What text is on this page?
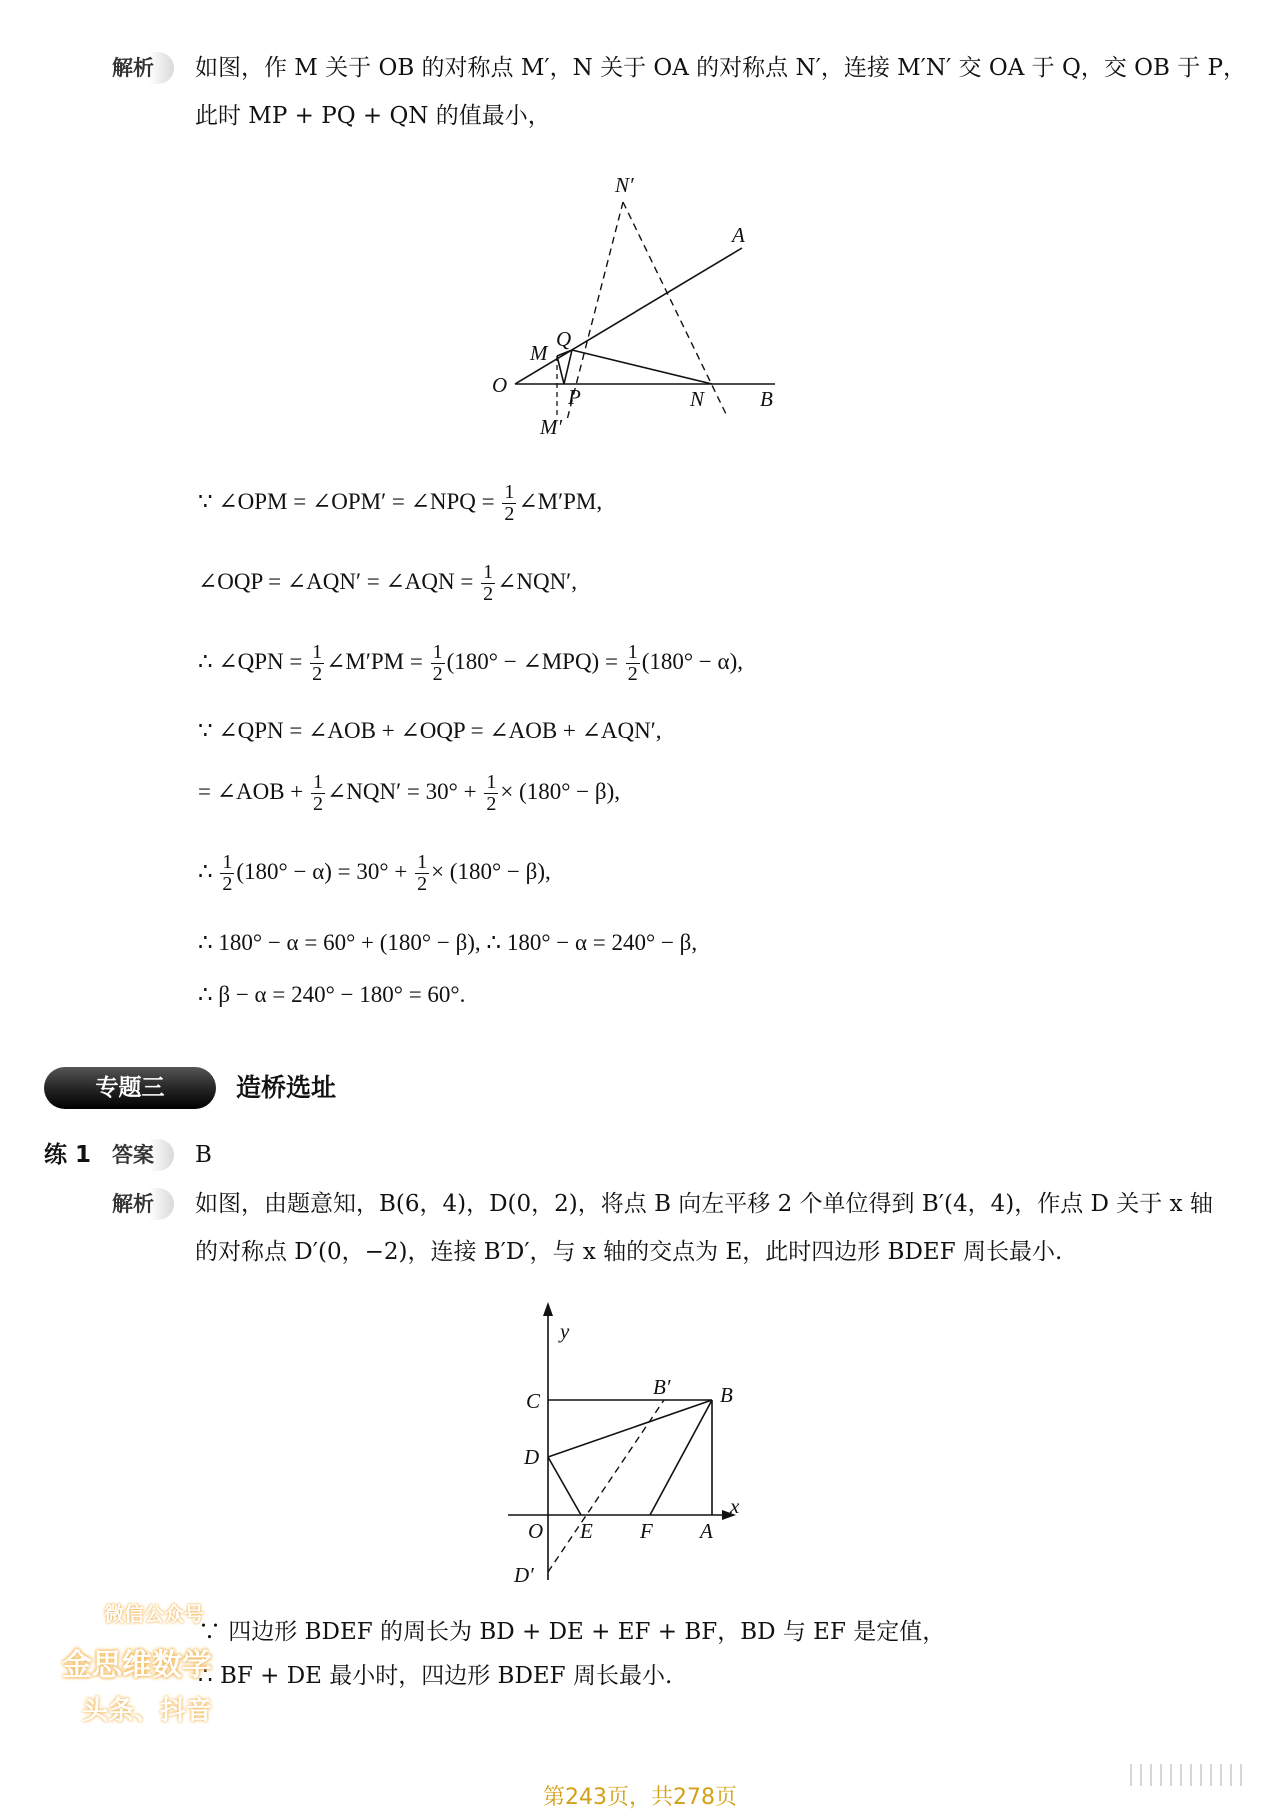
解析	如图，作 M 关于 OB 的对称点 M′，N 关于 OA 的对称点 N′，连接 M′N′ 交 OA 于 Q，交 OB 于 P，
此时 MP + PQ + QN 的值最小，
N′
A
Q
M
O	P	N	B
M′
∵ ∠OPM = ∠OPM′ = ∠NPQ = $\frac{1}{2}$ ∠M′PM,
∠OQP = ∠AQN′ = ∠AQN = $\frac{1}{2}$ ∠NQN′,
∴ ∠QPN = $\frac{1}{2}$ ∠M′PM = $\frac{1}{2} (180^\circ$ − ∠MPQ) = $\frac{1}{2} (180^\circ - \alpha)$,
∵ ∠QPN = ∠AOB + ∠OQP = ∠AOB + ∠AQN′,
= ∠AOB + $\frac{1}{2}$ ∠NQN′ = $30^\circ + \frac{1}{2} \times (180^\circ - \beta)$,
∴ $\frac{1}{2} (180^\circ - \alpha) = 30^\circ + \frac{1}{2} \times (180^\circ - \beta)$,
∴ 180° − α = 60° + (180° − β), ∴ 180° − α = 240° − β,
∴ β − α = 240° − 180° = 60°.
专题三	造桥选址
练 1 答案	B
解析	如图，由题意知，B(6，4)，D(0，2)，将点 B 向左平移 2 个单位得到 B′(4，4)，作点 D 关于 x 轴
的对称点 D′(0，−2)，连接 B′D′，与 x 轴的交点为 E，此时四边形 BDEF 周长最小.
y
x
C
B′ B
D
O E F A
D′
∵ 四边形 BDEF 的周长为 BD + DE + EF + BF，BD 与 EF 是定值，
∴ BF + DE 最小时，四边形 BDEF 周长最小.
微信公众号
金思维数学
头条、抖音
第243页，共278页
